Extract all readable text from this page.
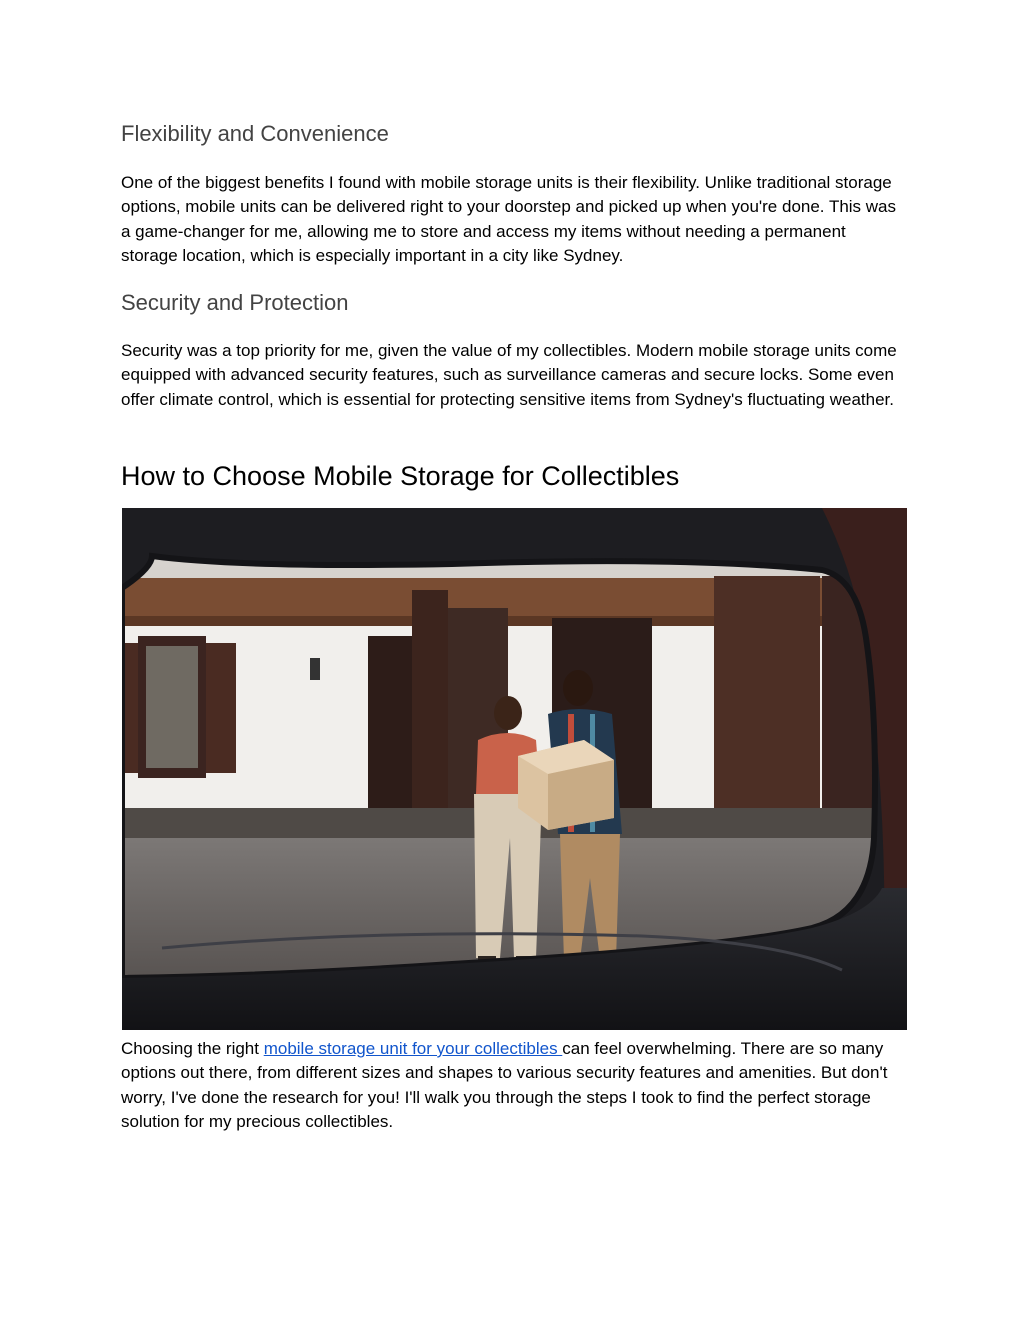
Flexibility and Convenience

One of the biggest benefits I found with mobile storage units is their flexibility. Unlike traditional storage options, mobile units can be delivered right to your doorstep and picked up when you're done. This was a game-changer for me, allowing me to store and access my items without needing a permanent storage location, which is especially important in a city like Sydney.

Security and Protection

Security was a top priority for me, given the value of my collectibles. Modern mobile storage units come equipped with advanced security features, such as surveillance cameras and secure locks. Some even offer climate control, which is essential for protecting sensitive items from Sydney's fluctuating weather.

How to Choose Mobile Storage for Collectibles

Choosing the right mobile storage unit for your collectibles can feel overwhelming. There are so many options out there, from different sizes and shapes to various security features and amenities. But don't worry, I've done the research for you! I'll walk you through the steps I took to find the perfect storage solution for my precious collectibles.
